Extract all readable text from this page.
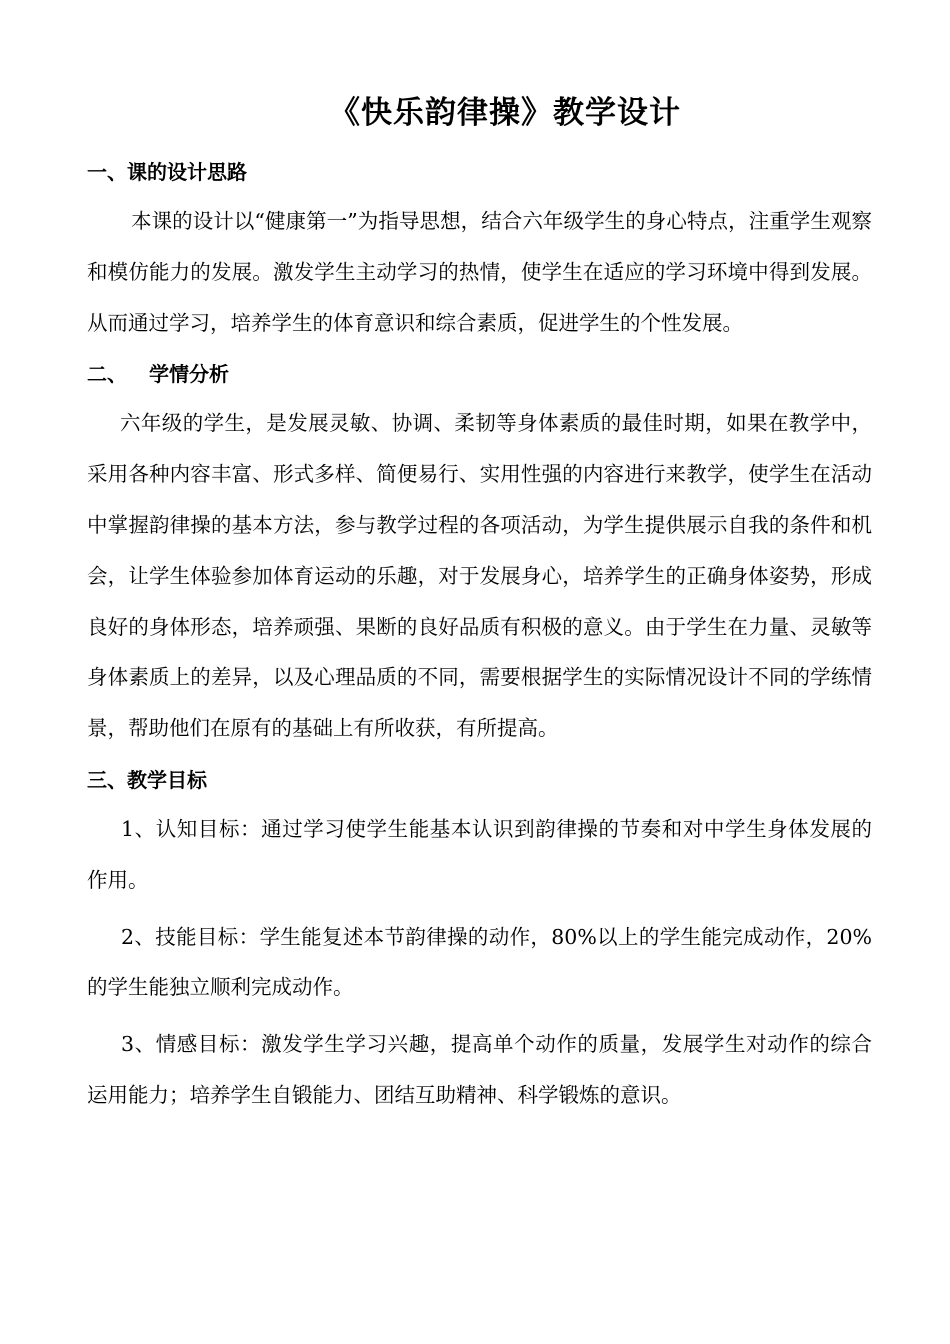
《快乐韵律操》教学设计

一、课的设计思路

本课的设计以“健康第一”为指导思想，结合六年级学生的身心特点，注重学生观察和模仿能力的发展。激发学生主动学习的热情，使学生在适应的学习环境中得到发展。从而通过学习，培养学生的体育意识和综合素质，促进学生的个性发展。

二、 学情分析

六年级的学生，是发展灵敏、协调、柔韧等身体素质的最佳时期，如果在教学中，采用各种内容丰富、形式多样、简便易行、实用性强的内容进行来教学，使学生在活动中掌握韵律操的基本方法，参与教学过程的各项活动，为学生提供展示自我的条件和机会，让学生体验参加体育运动的乐趣，对于发展身心，培养学生的正确身体姿势，形成良好的身体形态，培养顽强、果断的良好品质有积极的意义。由于学生在力量、灵敏等身体素质上的差异，以及心理品质的不同，需要根据学生的实际情况设计不同的学练情景，帮助他们在原有的基础上有所收获，有所提高。

三、教学目标

1、认知目标：通过学习使学生能基本认识到韵律操的节奏和对中学生身体发展的作用。

2、技能目标：学生能复述本节韵律操的动作，80%以上的学生能完成动作，20%的学生能独立顺利完成动作。

3、情感目标：激发学生学习兴趣，提高单个动作的质量，发展学生对动作的综合运用能力；培养学生自锻能力、团结互助精神、科学锻炼的意识。
